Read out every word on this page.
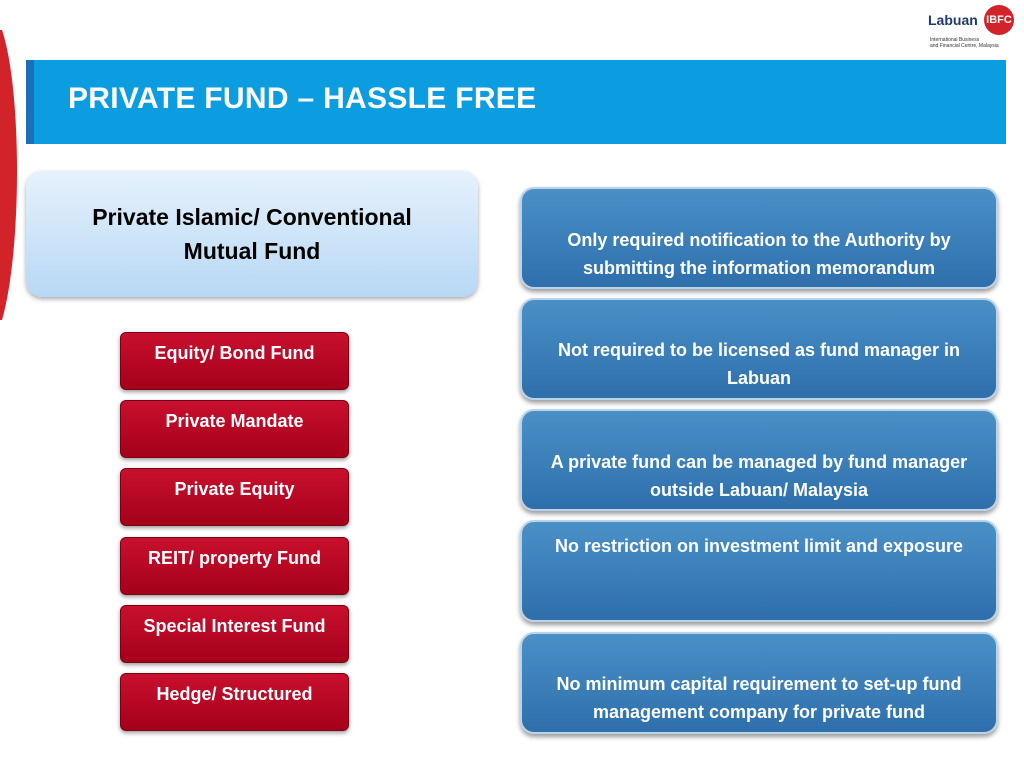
Labuan IBFC
International Business
and Financial Centre, Malaysia
PRIVATE FUND – HASSLE FREE
Private Islamic/ Conventional
Mutual Fund
Equity/ Bond Fund
Private Mandate
Private Equity
REIT/ property Fund
Special Interest Fund
Hedge/ Structured
Only required notification to the Authority by submitting the information memorandum
Not required to be licensed as fund manager in Labuan
A private fund can be managed by fund manager outside Labuan/ Malaysia
No restriction on investment limit and exposure
No minimum capital requirement to set-up fund management company for private fund
